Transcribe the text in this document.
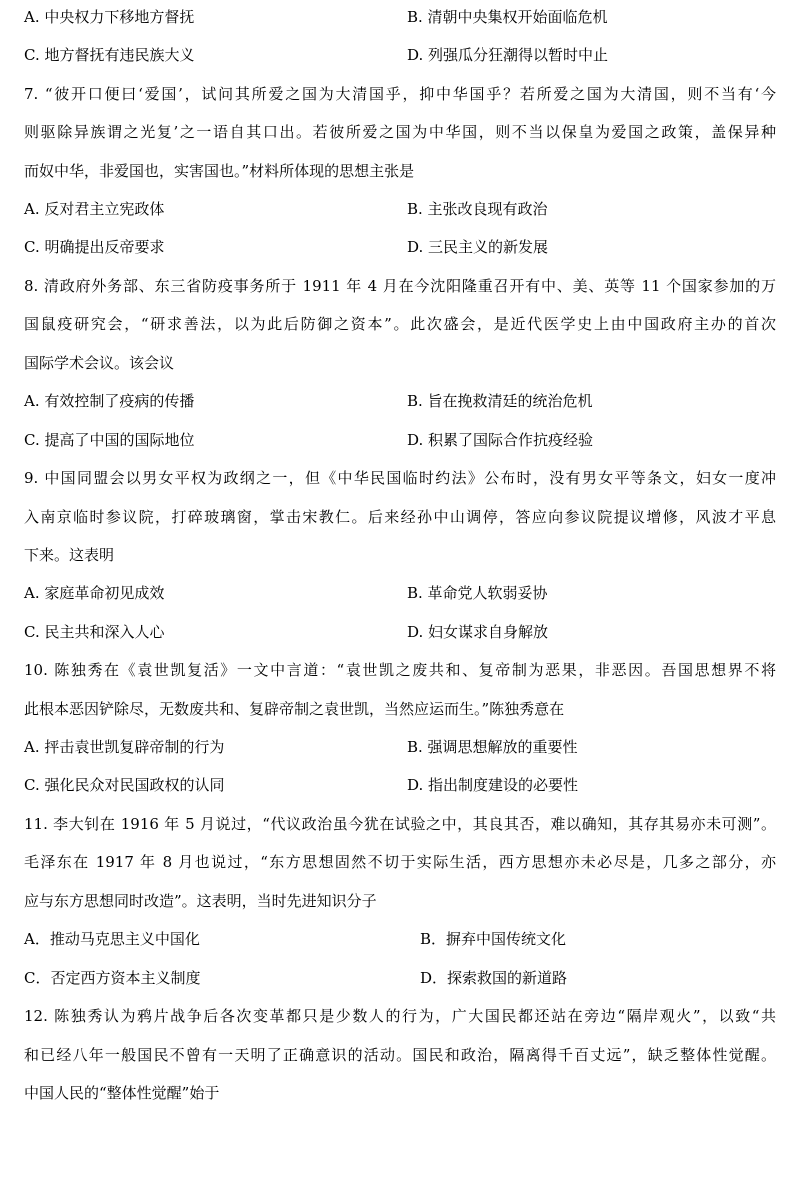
A. 中央权力下移地方督抚	B. 清朝中央集权开始面临危机
C. 地方督抚有违民族大义	D. 列强瓜分狂潮得以暂时中止
7. “彼开口便曰‘爱国’，试问其所爱之国为大清国乎，抑中华国乎？若所爱之国为大清国，则不当有‘今
则驱除异族谓之光复’之一语自其口出。若彼所爱之国为中华国，则不当以保皇为爱国之政策，盖保异种
而奴中华，非爱国也，实害国也。”材料所体现的思想主张是
A. 反对君主立宪政体	B. 主张改良现有政治
C. 明确提出反帝要求	D. 三民主义的新发展
8. 清政府外务部、东三省防疫事务所于 1911 年 4 月在今沈阳隆重召开有中、美、英等 11 个国家参加的万
国鼠疫研究会，“研求善法，以为此后防御之资本”。此次盛会，是近代医学史上由中国政府主办的首次
国际学术会议。该会议
A. 有效控制了疫病的传播	B. 旨在挽救清廷的统治危机
C. 提高了中国的国际地位	D. 积累了国际合作抗疫经验
9. 中国同盟会以男女平权为政纲之一，但《中华民国临时约法》公布时，没有男女平等条文，妇女一度冲
入南京临时参议院，打碎玻璃窗，掌击宋教仁。后来经孙中山调停，答应向参议院提议增修，风波才平息
下来。这表明
A. 家庭革命初见成效	B. 革命党人软弱妥协
C. 民主共和深入人心	D. 妇女谋求自身解放
10. 陈独秀在《袁世凯复活》一文中言道：“袁世凯之废共和、复帝制为恶果，非恶因。吾国思想界不将
此根本恶因铲除尽，无数废共和、复辟帝制之袁世凯，当然应运而生。”陈独秀意在
A. 抨击袁世凯复辟帝制的行为	B. 强调思想解放的重要性
C. 强化民众对民国政权的认同	D. 指出制度建设的必要性
11. 李大钊在 1916 年 5 月说过，“代议政治虽今犹在试验之中，其良其否，难以确知，其存其易亦未可测”。
毛泽东在 1917 年 8 月也说过，“东方思想固然不切于实际生活，西方思想亦未必尽是，几多之部分，亦
应与东方思想同时改造”。这表明，当时先进知识分子
A．推动马克思主义中国化	B．摒弃中国传统文化
C．否定西方资本主义制度	D．探索救国的新道路
12. 陈独秀认为鸦片战争后各次变革都只是少数人的行为，广大国民都还站在旁边“隔岸观火”，以致“共
和已经八年一般国民不曾有一天明了正确意识的活动。国民和政治，隔离得千百丈远”，缺乏整体性觉醒。
中国人民的“整体性觉醒”始于
